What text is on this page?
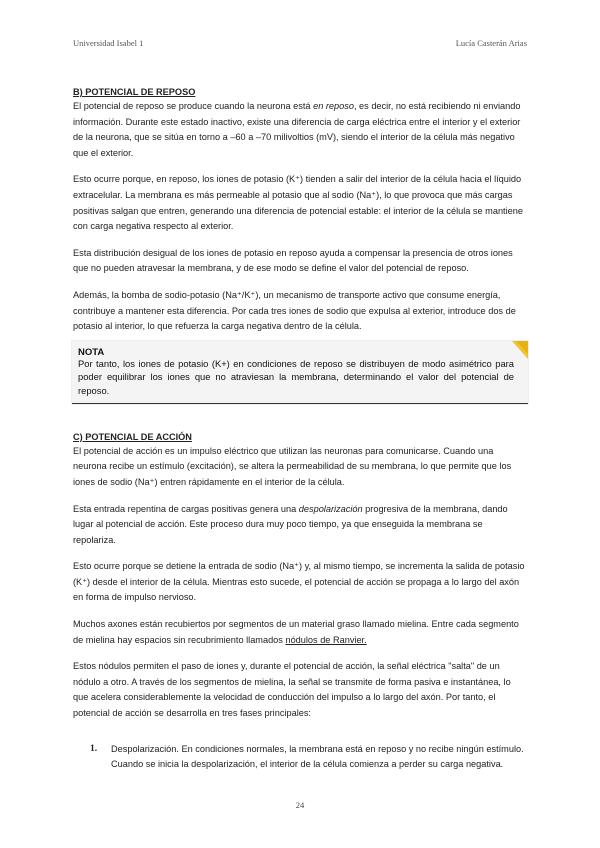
Universidad Isabel 1	Lucía Casterán Arias

B) POTENCIAL DE REPOSO

El potencial de reposo se produce cuando la neurona está en reposo, es decir, no está recibiendo ni enviando información. Durante este estado inactivo, existe una diferencia de carga eléctrica entre el interior y el exterior de la neurona, que se sitúa en torno a –60 a –70 milivoltios (mV), siendo el interior de la célula más negativo que el exterior.

Esto ocurre porque, en reposo, los iones de potasio (K⁺) tienden a salir del interior de la célula hacia el líquido extracelular. La membrana es más permeable al potasio que al sodio (Na⁺), lo que provoca que más cargas positivas salgan que entren, generando una diferencia de potencial estable: el interior de la célula se mantiene con carga negativa respecto al exterior.

Esta distribución desigual de los iones de potasio en reposo ayuda a compensar la presencia de otros iones que no pueden atravesar la membrana, y de ese modo se define el valor del potencial de reposo.

Además, la bomba de sodio-potasio (Na⁺/K⁺), un mecanismo de transporte activo que consume energía, contribuye a mantener esta diferencia. Por cada tres iones de sodio que expulsa al exterior, introduce dos de potasio al interior, lo que refuerza la carga negativa dentro de la célula.

NOTA
Por tanto, los iones de potasio (K+) en condiciones de reposo se distribuyen de modo asimétrico para poder equilibrar los iones que no atraviesan la membrana, determinando el valor del potencial de reposo.

C) POTENCIAL DE ACCIÓN

El potencial de acción es un impulso eléctrico que utilizan las neuronas para comunicarse. Cuando una neurona recibe un estímulo (excitación), se altera la permeabilidad de su membrana, lo que permite que los iones de sodio (Na⁺) entren rápidamente en el interior de la célula.

Esta entrada repentina de cargas positivas genera una despolarización progresiva de la membrana, dando lugar al potencial de acción. Este proceso dura muy poco tiempo, ya que enseguida la membrana se repolariza.

Esto ocurre porque se detiene la entrada de sodio (Na⁺) y, al mismo tiempo, se incrementa la salida de potasio (K⁺) desde el interior de la célula. Mientras esto sucede, el potencial de acción se propaga a lo largo del axón en forma de impulso nervioso.

Muchos axones están recubiertos por segmentos de un material graso llamado mielina. Entre cada segmento de mielina hay espacios sin recubrimiento llamados nódulos de Ranvier.

Estos nódulos permiten el paso de iones y, durante el potencial de acción, la señal eléctrica "salta" de un nódulo a otro. A través de los segmentos de mielina, la señal se transmite de forma pasiva e instantánea, lo que acelera considerablemente la velocidad de conducción del impulso a lo largo del axón. Por tanto, el potencial de acción se desarrolla en tres fases principales:

1. Despolarización. En condiciones normales, la membrana está en reposo y no recibe ningún estímulo. Cuando se inicia la despolarización, el interior de la célula comienza a perder su carga negativa.
24
